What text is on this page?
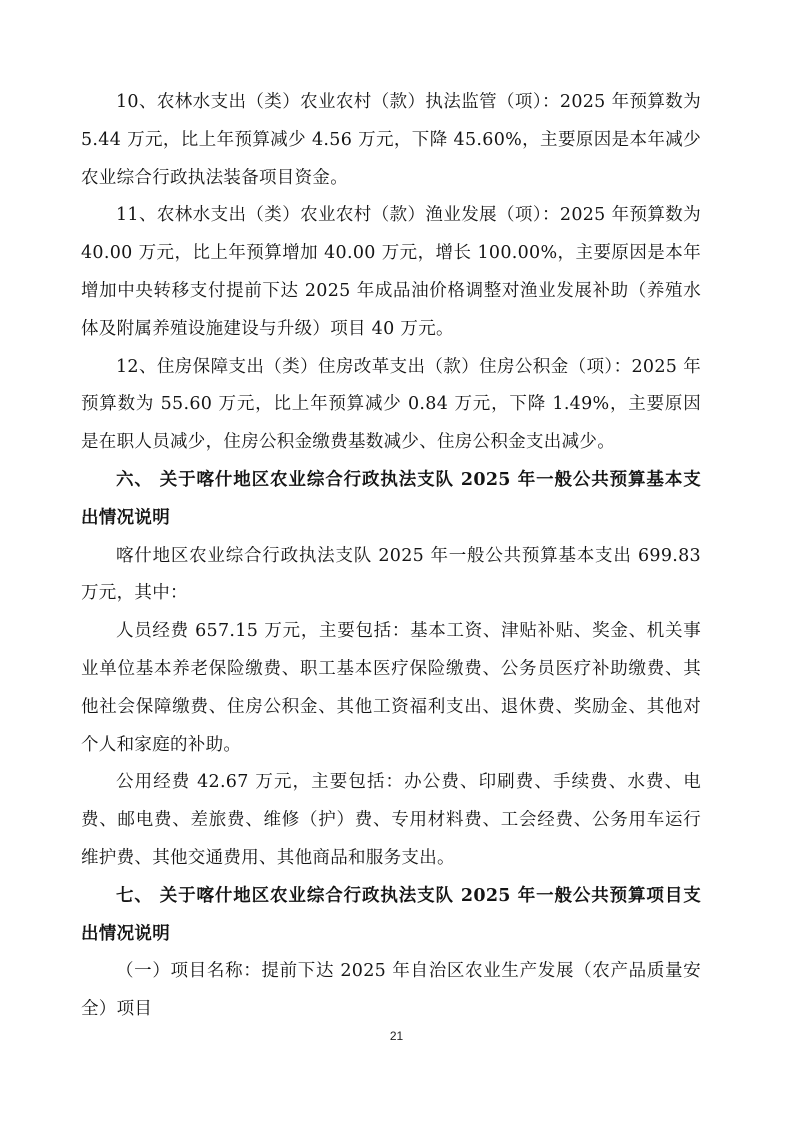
10、农林水支出（类）农业农村（款）执法监管（项）：2025 年预算数为 5.44 万元，比上年预算减少 4.56 万元，下降 45.60%，主要原因是本年减少农业综合行政执法装备项目资金。

11、农林水支出（类）农业农村（款）渔业发展（项）：2025 年预算数为 40.00 万元，比上年预算增加 40.00 万元，增长 100.00%，主要原因是本年增加中央转移支付提前下达 2025 年成品油价格调整对渔业发展补助（养殖水体及附属养殖设施建设与升级）项目 40 万元。

12、住房保障支出（类）住房改革支出（款）住房公积金（项）：2025 年预算数为 55.60 万元，比上年预算减少 0.84 万元，下降 1.49%，主要原因是在职人员减少，住房公积金缴费基数减少、住房公积金支出减少。

六、 关于喀什地区农业综合行政执法支队 2025 年一般公共预算基本支出情况说明

喀什地区农业综合行政执法支队 2025 年一般公共预算基本支出 699.83 万元，其中：

人员经费 657.15 万元，主要包括：基本工资、津贴补贴、奖金、机关事业单位基本养老保险缴费、职工基本医疗保险缴费、公务员医疗补助缴费、其他社会保障缴费、住房公积金、其他工资福利支出、退休费、奖励金、其他对个人和家庭的补助。

公用经费 42.67 万元，主要包括：办公费、印刷费、手续费、水费、电费、邮电费、差旅费、维修（护）费、专用材料费、工会经费、公务用车运行维护费、其他交通费用、其他商品和服务支出。

七、 关于喀什地区农业综合行政执法支队 2025 年一般公共预算项目支出情况说明

（一）项目名称：提前下达 2025 年自治区农业生产发展（农产品质量安全）项目

21
